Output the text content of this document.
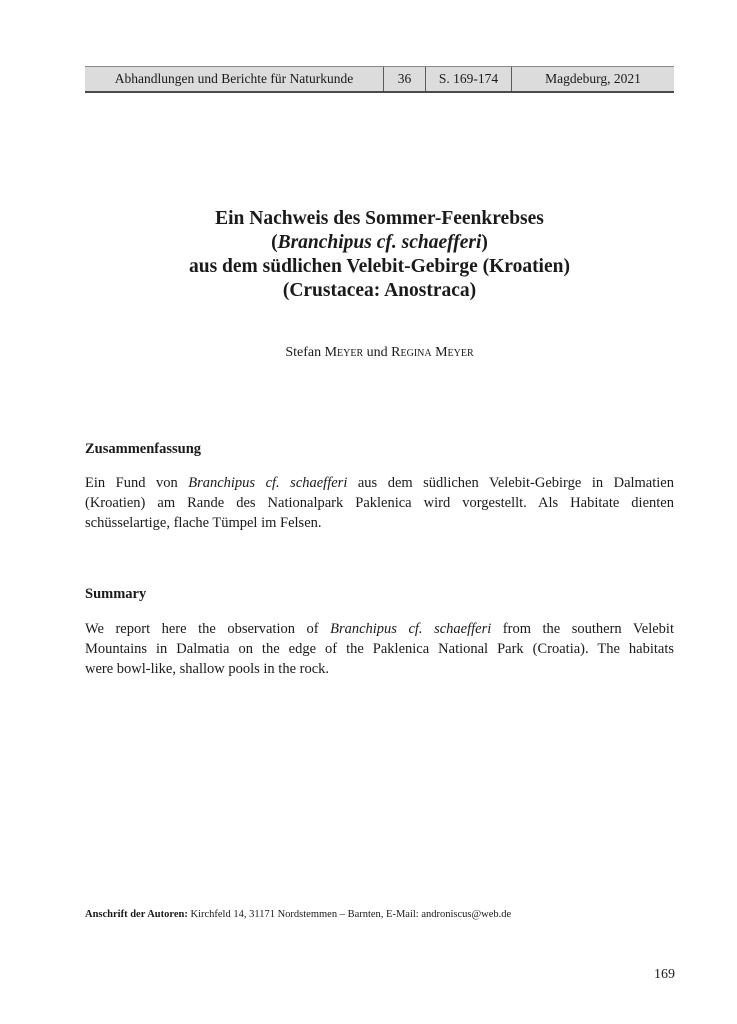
Abhandlungen und Berichte für Naturkunde	36	S. 169-174	Magdeburg, 2021
Ein Nachweis des Sommer-Feenkrebses
(Branchipus cf. schaefferi)
aus dem südlichen Velebit-Gebirge (Kroatien)
(Crustacea: Anostraca)
Stefan Meyer und Regina Meyer
Zusammenfassung
Ein Fund von Branchipus cf. schaefferi aus dem südlichen Velebit-Gebirge in Dalmatien
(Kroatien) am Rande des Nationalpark Paklenica wird vorgestellt. Als Habitate dienten
schüsselartige, flache Tümpel im Felsen.
Summary
We report here the observation of Branchipus cf. schaefferi from the southern Velebit
Mountains in Dalmatia on the edge of the Paklenica National Park (Croatia). The habitats
were bowl-like, shallow pools in the rock.
Anschrift der Autoren: Kirchfeld 14, 31171 Nordstemmen – Barnten, E-Mail: androniscus@web.de
169
